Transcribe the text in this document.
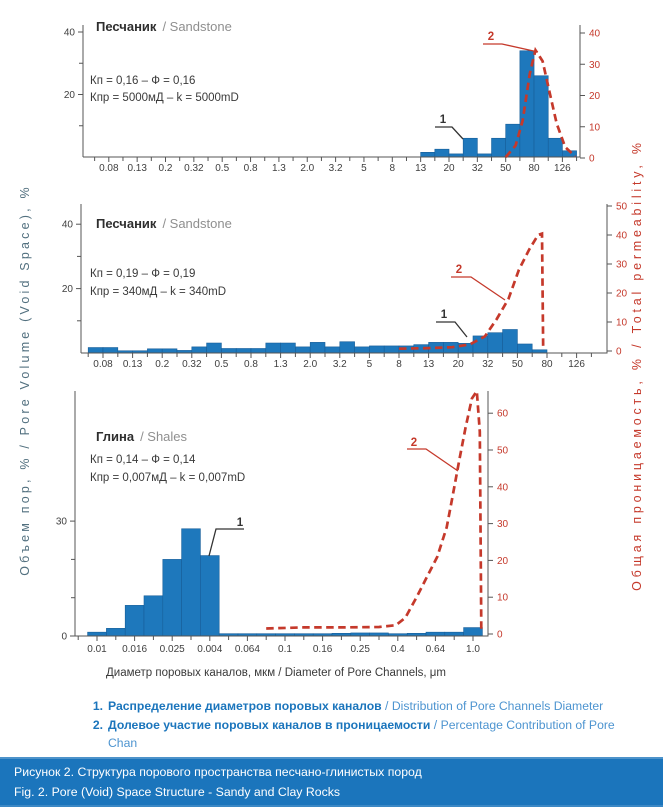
0.08 0.13 0.2 0.32 0.5 0.8 1.3 2.0 3.2 5 8 13 20 32 50 80 126
20
40
0
10
20
30
40
Песчаник / Sandstone
Кп = 0,16 – Ф = 0,16
Кпр = 5000мД – k = 5000mD
1
2
0.08 0.13 0.2 0.32 0.5 0.8 1.3 2.0 3.2 5 8 13 20 32 50 80 126
20
40
0
10
20
30
40
50
Песчаник / Sandstone
Кп = 0,19 – Ф = 0,19
Кпр = 340мД – k = 340mD
1
2
0.01 0.016 0.025 0.004 0.064 0.1 0.16 0.25 0.4 0.64 1.0
0
30
0
10
20
30
40
50
60
Глина / Shales
Кп = 0,14 – Ф = 0,14
Кпр = 0,007мД – k = 0,007mD
1
2
Объем пор, % / Pore Volume (Void Space), %	Общая проницаемость, % / Total permeability, %
Диаметр поровых каналов, мкм / Diameter of Pore Channels, μm
1. Распределение диаметров поровых каналов / Distribution of Pore Channels Diameter
2. Долевое участие поровых каналов в проницаемости / Percentage Contribution of Pore Chan
Рисунок 2. Структура порового пространства песчано-глинистых пород
Fig. 2. Pore (Void) Space Structure - Sandy and Clay Rocks
